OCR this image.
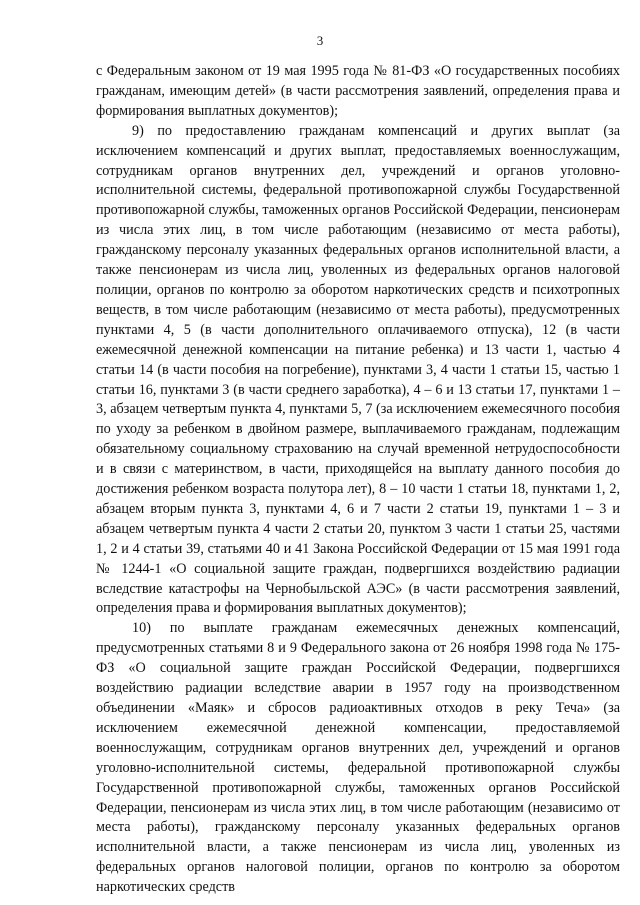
3

с Федеральным законом от 19 мая 1995 года № 81-ФЗ «О государственных пособиях гражданам, имеющим детей» (в части рассмотрения заявлений, определения права и формирования выплатных документов);

9) по предоставлению гражданам компенсаций и других выплат (за исключением компенсаций и других выплат, предоставляемых военнослужащим, сотрудникам органов внутренних дел, учреждений и органов уголовно-исполнительной системы, федеральной противопожарной службы Государственной противопожарной службы, таможенных органов Российской Федерации, пенсионерам из числа этих лиц, в том числе работающим (независимо от места работы), гражданскому персоналу указанных федеральных органов исполнительной власти, а также пенсионерам из числа лиц, уволенных из федеральных органов налоговой полиции, органов по контролю за оборотом наркотических средств и психотропных веществ, в том числе работающим (независимо от места работы), предусмотренных пунктами 4, 5 (в части дополнительного оплачиваемого отпуска), 12 (в части ежемесячной денежной компенсации на питание ребенка) и 13 части 1, частью 4 статьи 14 (в части пособия на погребение), пунктами 3, 4 части 1 статьи 15, частью 1 статьи 16, пунктами 3 (в части среднего заработка), 4 – 6 и 13 статьи 17, пунктами 1 – 3, абзацем четвертым пункта 4, пунктами 5, 7 (за исключением ежемесячного пособия по уходу за ребенком в двойном размере, выплачиваемого гражданам, подлежащим обязательному социальному страхованию на случай временной нетрудоспособности и в связи с материнством, в части, приходящейся на выплату данного пособия до достижения ребенком возраста полутора лет), 8 – 10 части 1 статьи 18, пунктами 1, 2, абзацем вторым пункта 3, пунктами 4, 6 и 7 части 2 статьи 19, пунктами 1 – 3 и абзацем четвертым пункта 4 части 2 статьи 20, пунктом 3 части 1 статьи 25, частями 1, 2 и 4 статьи 39, статьями 40 и 41 Закона Российской Федерации от 15 мая 1991 года № 1244-1 «О социальной защите граждан, подвергшихся воздействию радиации вследствие катастрофы на Чернобыльской АЭС» (в части рассмотрения заявлений, определения права и формирования выплатных документов);

10) по выплате гражданам ежемесячных денежных компенсаций, предусмотренных статьями 8 и 9 Федерального закона от 26 ноября 1998 года № 175-ФЗ «О социальной защите граждан Российской Федерации, подвергшихся воздействию радиации вследствие аварии в 1957 году на производственном объединении «Маяк» и сбросов радиоактивных отходов в реку Теча» (за исключением ежемесячной денежной компенсации, предоставляемой военнослужащим, сотрудникам органов внутренних дел, учреждений и органов уголовно-исполнительной системы, федеральной противопожарной службы Государственной противопожарной службы, таможенных органов Российской Федерации, пенсионерам из числа этих лиц, в том числе работающим (независимо от места работы), гражданскому персоналу указанных федеральных органов исполнительной власти, а также пенсионерам из числа лиц, уволенных из федеральных органов налоговой полиции, органов по контролю за оборотом наркотических средств
